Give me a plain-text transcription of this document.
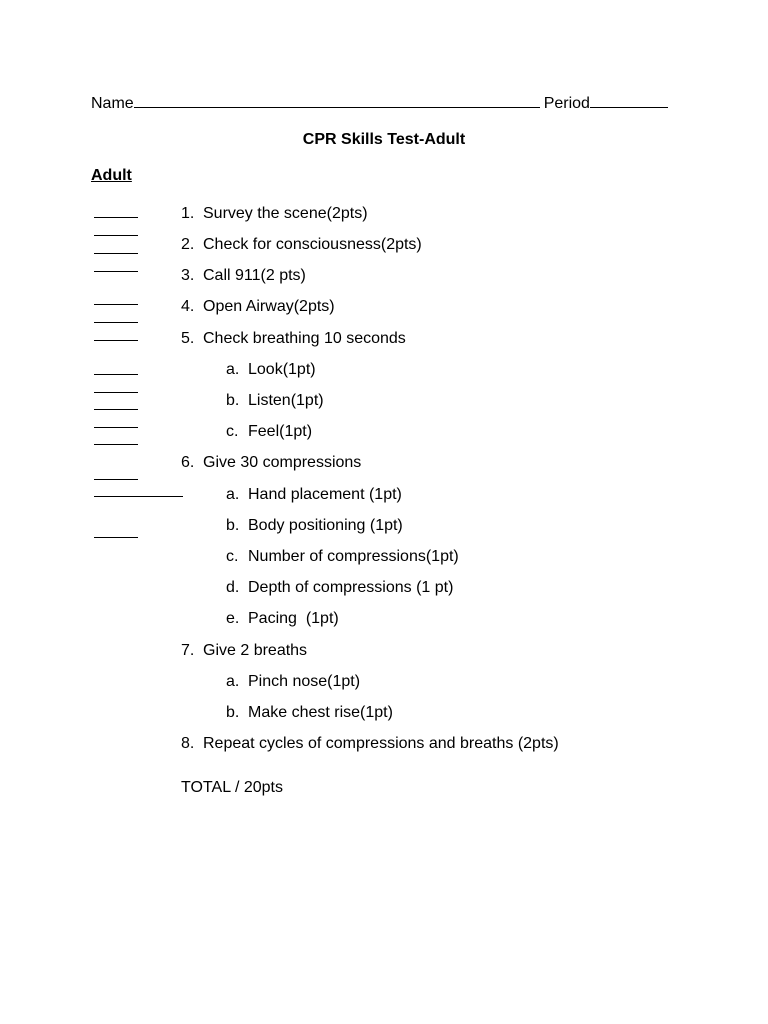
Name	Period
CPR Skills Test-Adult
Adult
1. Survey the scene(2pts)
2. Check for consciousness(2pts)
3. Call 911(2 pts)
4. Open Airway(2pts)
5. Check breathing 10 seconds
a. Look(1pt)
b. Listen(1pt)
c. Feel(1pt)
6. Give 30 compressions
a. Hand placement (1pt)
b. Body positioning (1pt)
c. Number of compressions(1pt)
d. Depth of compressions (1 pt)
e. Pacing  (1pt)
7. Give 2 breaths
a. Pinch nose(1pt)
b. Make chest rise(1pt)
8. Repeat cycles of compressions and breaths (2pts)
TOTAL / 20pts
